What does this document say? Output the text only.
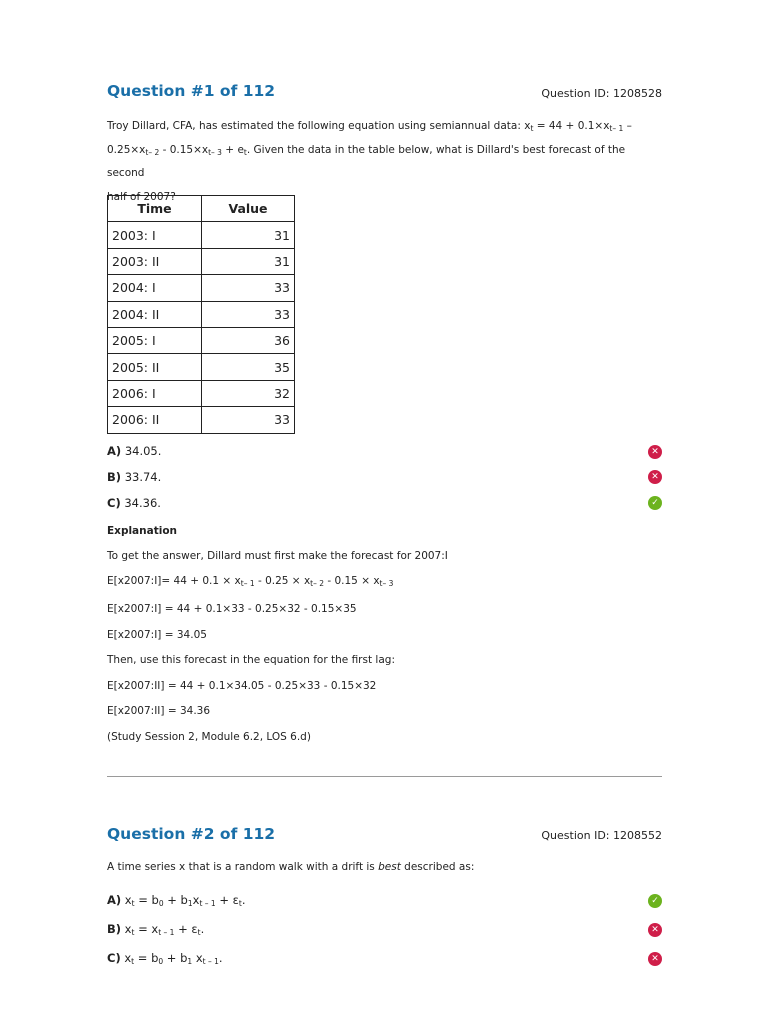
Question #1 of 112	Question ID: 1208528
Troy Dillard, CFA, has estimated the following equation using semiannual data: $x_t = 44 + 0.1\times x_{t- 1}$ –
$0.25\times x_{t- 2} - 0.15\times x_{t- 3} + e_t$. Given the data in the table below, what is Dillard's best forecast of the second
half of 2007?
Time	Value
2003: I	31
2003: II	31
2004: I	33
2004: II	33
2005: I	36
2005: II	35
2006: I	32
2006: II	33
A) 34.05.	✕
B) 33.74.	✕
C) 34.36.	✓
Explanation
To get the answer, Dillard must first make the forecast for 2007:I
E[x2007:I]= $44 + 0.1 \times x_{t- 1} - 0.25 \times x_{t- 2} - 0.15 \times x_{t- 3}$
E[x2007:I] = 44 + 0.1×33 - 0.25×32 - 0.15×35
E[x2007:I] = 34.05
Then, use this forecast in the equation for the first lag:
E[x2007:II] = 44 + 0.1×34.05 - 0.25×33 - 0.15×32
E[x2007:II] = 34.36
(Study Session 2, Module 6.2, LOS 6.d)
Question #2 of 112	Question ID: 1208552
A time series x that is a random walk with a drift is best described as:
A) $x_t = b_0 + b_1x_{t - 1} + \varepsilon_t$.	✓
B) $x_t = x_{t - 1} + \varepsilon_t$.	✕
C) $x_t = b_0 + b_1$ $x_{t - 1}$.	✕
